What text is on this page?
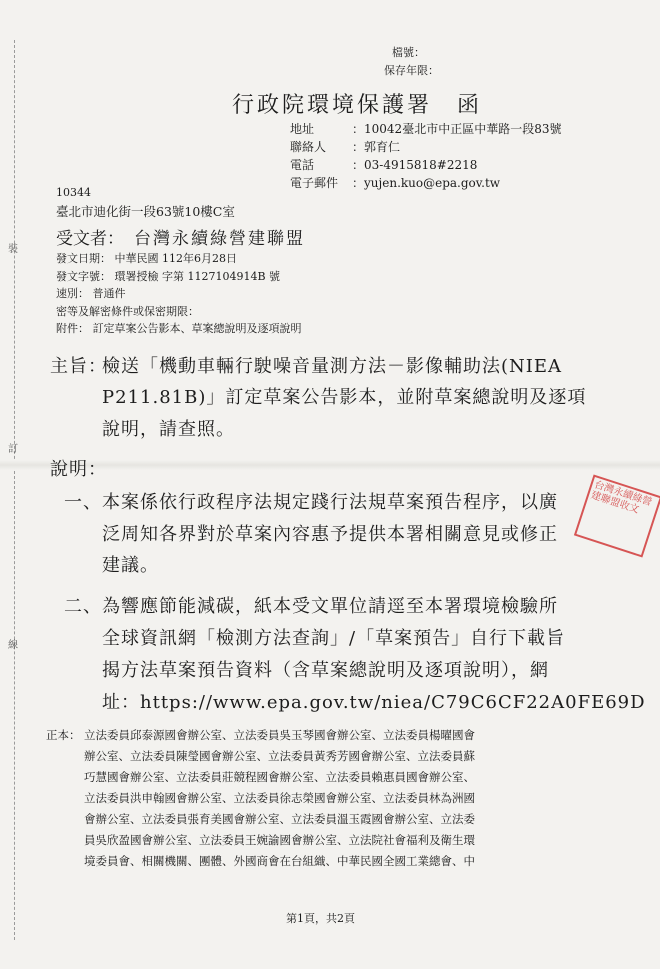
裝
訂
線
檔號：
保存年限：
行政院環境保護署　函
地址	： 10042臺北市中正區中華路一段83號
聯絡人 ： 郭育仁
電話	： 03-4915818#2218
電子郵件 ： yujen.kuo@epa.gov.tw
10344
臺北市迪化街一段63號10樓C室
受文者： 台灣永續綠營建聯盟
發文日期： 中華民國 112年6月28日
發文字號： 環署授檢 字第 1127104914B 號
速別： 普通件
密等及解密條件或保密期限：
附件： 訂定草案公告影本、草案總說明及逐項說明
主旨：
檢送「機動車輛行駛噪音量測方法－影像輔助法(NIEA
P211.81B)」訂定草案公告影本，並附草案總說明及逐項
說明，請查照。
說明：
一、 本案係依行政程序法規定踐行法規草案預告程序，以廣
泛周知各界對於草案內容惠予提供本署相關意見或修正
建議。
二、 為響應節能減碳，紙本受文單位請逕至本署環境檢驗所
全球資訊網「檢測方法查詢」/「草案預告」自行下載旨
揭方法草案預告資料（含草案總說明及逐項說明），網
址：https://www.epa.gov.tw/niea/C79C6CF22A0FE69D
正本： 立法委員邱泰源國會辦公室、立法委員吳玉琴國會辦公室、立法委員楊曜國會
辦公室、立法委員陳瑩國會辦公室、立法委員黃秀芳國會辦公室、立法委員蘇
巧慧國會辦公室、立法委員莊競程國會辦公室、立法委員賴惠員國會辦公室、
立法委員洪申翰國會辦公室、立法委員徐志榮國會辦公室、立法委員林為洲國
會辦公室、立法委員張育美國會辦公室、立法委員溫玉霞國會辦公室、立法委
員吳欣盈國會辦公室、立法委員王婉諭國會辦公室、立法院社會福利及衛生環
境委員會、相關機關、團體、外國商會在台組織、中華民國全國工業總會、中
台灣永續綠營建聯盟收文
第1頁，共2頁
